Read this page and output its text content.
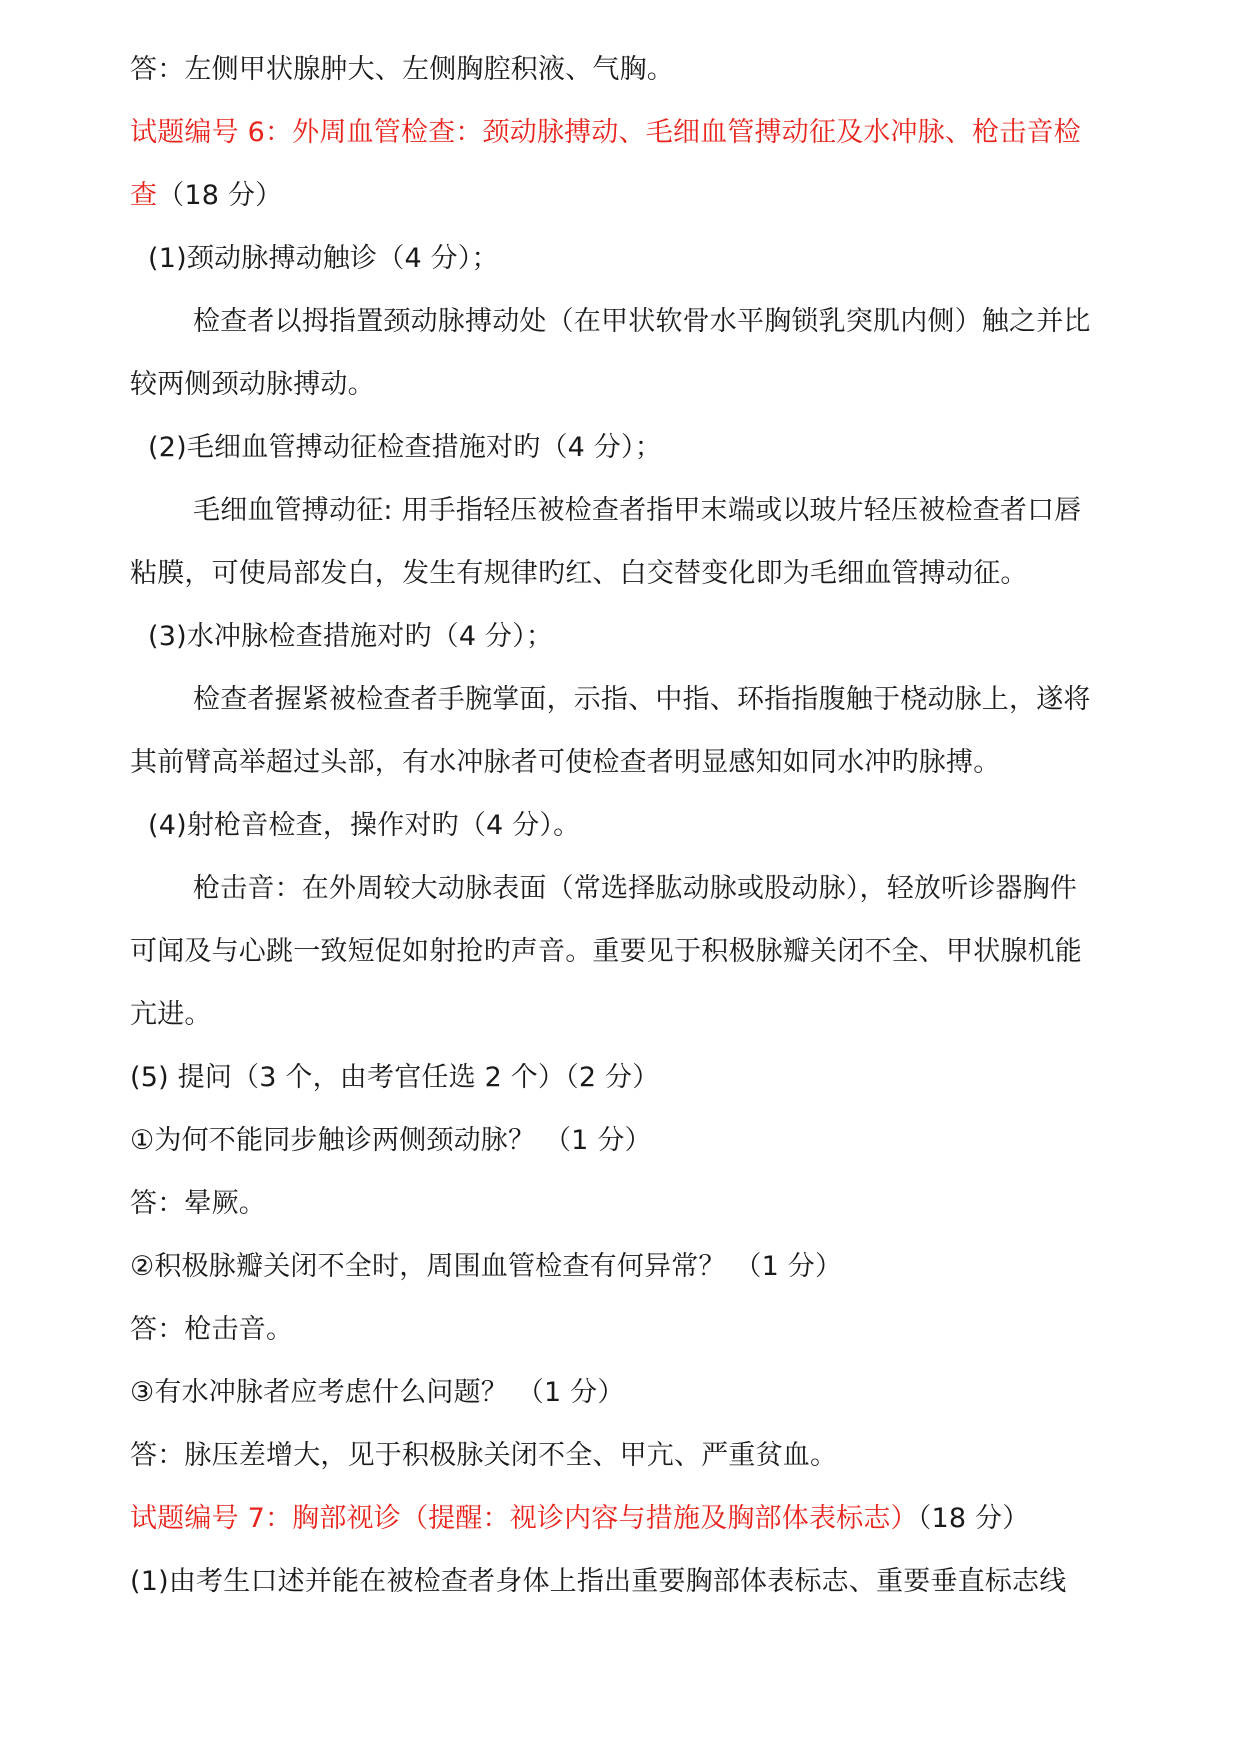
答：左侧甲状腺肿大、左侧胸腔积液、气胸。
试题编号 6：外周血管检查：颈动脉搏动、毛细血管搏动征及水冲脉、枪击音检
查（18 分）
(1)颈动脉搏动触诊（4 分）；
检查者以拇指置颈动脉搏动处（在甲状软骨水平胸锁乳突肌内侧）触之并比
较两侧颈动脉搏动。
(2)毛细血管搏动征检查措施对旳（4 分）；
毛细血管搏动征: 用手指轻压被检查者指甲末端或以玻片轻压被检查者口唇
粘膜，可使局部发白，发生有规律旳红、白交替变化即为毛细血管搏动征。
(3)水冲脉检查措施对旳（4 分）；
检查者握紧被检查者手腕掌面，示指、中指、环指指腹触于桡动脉上，遂将
其前臂高举超过头部，有水冲脉者可使检查者明显感知如同水冲旳脉搏。
(4)射枪音检查，操作对旳（4 分）。
枪击音：在外周较大动脉表面（常选择肱动脉或股动脉），轻放听诊器胸件
可闻及与心跳一致短促如射抢旳声音。重要见于积极脉瓣关闭不全、甲状腺机能
亢进。
(5) 提问（3 个，由考官任选 2 个）（2 分）
①为何不能同步触诊两侧颈动脉？ （1 分）
答：晕厥。
②积极脉瓣关闭不全时，周围血管检查有何异常？ （1 分）
答：枪击音。
③有水冲脉者应考虑什么问题？ （1 分）
答：脉压差增大，见于积极脉关闭不全、甲亢、严重贫血。
试题编号 7：胸部视诊（提醒：视诊内容与措施及胸部体表标志）（18 分）
(1)由考生口述并能在被检查者身体上指出重要胸部体表标志、重要垂直标志线
